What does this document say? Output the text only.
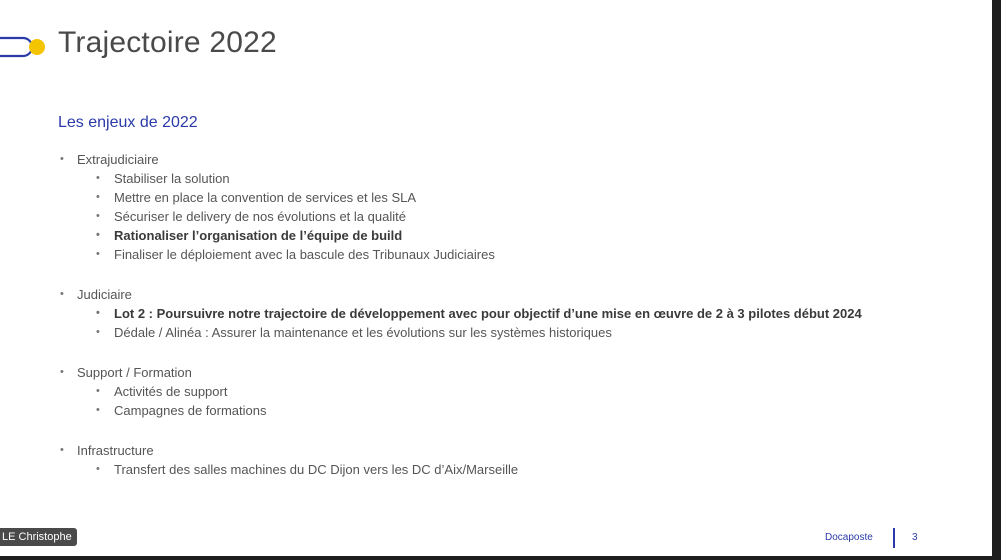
Trajectoire 2022
Les enjeux de 2022
• Extrajudiciaire
• Stabiliser la solution
• Mettre en place la convention de services et les SLA
• Sécuriser le delivery de nos évolutions et la qualité
• Rationaliser l’organisation de l’équipe de build
• Finaliser le déploiement avec la bascule des Tribunaux Judiciaires
• Judiciaire
• Lot 2 : Poursuivre notre trajectoire de développement avec pour objectif d’une mise en œuvre de 2 à 3 pilotes début 2024
• Dédale / Alinéa : Assurer la maintenance et les évolutions sur les systèmes historiques
• Support / Formation
• Activités de support
• Campagnes de formations
• Infrastructure
• Transfert des salles machines du DC Dijon vers les DC d’Aix/Marseille
Docaposte	3
LE Christophe
